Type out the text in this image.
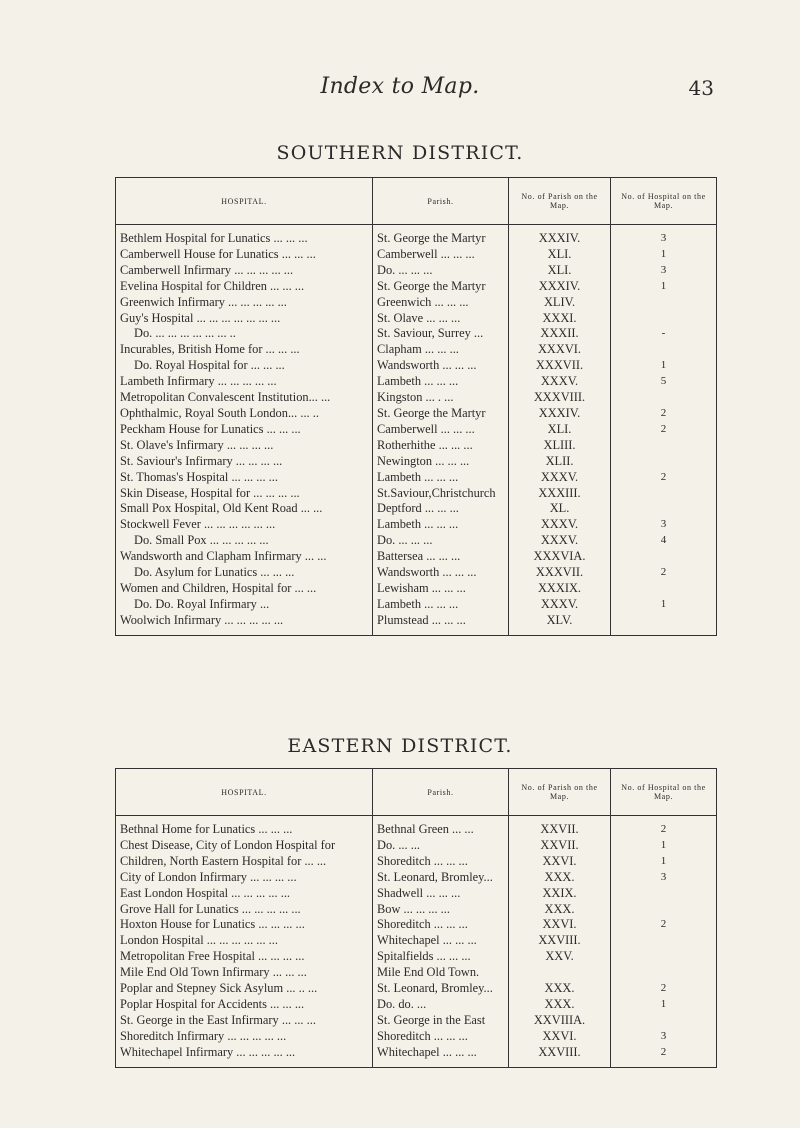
Index to Map.	43
SOUTHERN DISTRICT.
HOSPITAL.	Parish.	No. of Parish on the Map.	No. of Hospital on the Map.
Bethlem Hospital for Lunatics ... ... ...	St. George the Martyr	XXXIV.	3
Camberwell House for Lunatics ... ... ...	Camberwell ... ... ...	XLI.	1
Camberwell Infirmary ... ... ... ... ...	Do. ... ... ...	XLI.	3
Evelina Hospital for Children ... ... ...	St. George the Martyr	XXXIV.	1
Greenwich Infirmary ... ... ... ... ...	Greenwich ... ... ...	XLIV.	
Guy's Hospital ... ... ... ... ... ... ...	St. Olave ... ... ...	XXXI.	
Do. ... ... ... ... ... ... ..	St. Saviour, Surrey ...	XXXII.	-
Incurables, British Home for ... ... ...	Clapham ... ... ...	XXXVI.	
Do. Royal Hospital for ... ... ...	Wandsworth ... ... ...	XXXVII.	1
Lambeth Infirmary ... ... ... ... ...	Lambeth ... ... ...	XXXV.	5
Metropolitan Convalescent Institution... ...	Kingston ... . ...	XXXVIII.	
Ophthalmic, Royal South London... ... ..	St. George the Martyr	XXXIV.	2
Peckham House for Lunatics ... ... ...	Camberwell ... ... ...	XLI.	2
St. Olave's Infirmary ... ... ... ...	Rotherhithe ... ... ...	XLIII.	
St. Saviour's Infirmary ... ... ... ...	Newington ... ... ...	XLII.	
St. Thomas's Hospital ... ... ... ...	Lambeth ... ... ...	XXXV.	2
Skin Disease, Hospital for ... ... ... ...	St.Saviour,Christchurch	XXXIII.	
Small Pox Hospital, Old Kent Road ... ...	Deptford ... ... ...	XL.	
Stockwell Fever ... ... ... ... ... ...	Lambeth ... ... ...	XXXV.	3
Do. Small Pox ... ... ... ... ...	Do. ... ... ...	XXXV.	4
Wandsworth and Clapham Infirmary ... ...	Battersea ... ... ...	XXXVIA.	
Do. Asylum for Lunatics ... ... ...	Wandsworth ... ... ...	XXXVII.	2
Women and Children, Hospital for ... ...	Lewisham ... ... ...	XXXIX.	
Do. Do. Royal Infirmary ...	Lambeth ... ... ...	XXXV.	1
Woolwich Infirmary ... ... ... ... ...	Plumstead ... ... ...	XLV.	
EASTERN DISTRICT.
HOSPITAL.	Parish.	No. of Parish on the Map.	No. of Hospital on the Map.
Bethnal Home for Lunatics ... ... ...	Bethnal Green ... ...	XXVII.	2
Chest Disease, City of London Hospital for	Do. ... ...	XXVII.	1
Children, North Eastern Hospital for ... ...	Shoreditch ... ... ...	XXVI.	1
City of London Infirmary ... ... ... ...	St. Leonard, Bromley...	XXX.	3
East London Hospital ... ... ... ... ...	Shadwell ... ... ...	XXIX.	
Grove Hall for Lunatics ... ... ... ... ...	Bow ... ... ... ...	XXX.	
Hoxton House for Lunatics ... ... ... ...	Shoreditch ... ... ...	XXVI.	2
London Hospital ... ... ... ... ... ...	Whitechapel ... ... ...	XXVIII.	
Metropolitan Free Hospital ... ... ... ...	Spitalfields ... ... ...	XXV.	
Mile End Old Town Infirmary ... ... ...	Mile End Old Town.		
Poplar and Stepney Sick Asylum ... .. ...	St. Leonard, Bromley...	XXX.	2
Poplar Hospital for Accidents ... ... ...	Do. do. ...	XXX.	1
St. George in the East Infirmary ... ... ...	St. George in the East	XXVIIIA.	
Shoreditch Infirmary ... ... ... ... ...	Shoreditch ... ... ...	XXVI.	3
Whitechapel Infirmary ... ... ... ... ...	Whitechapel ... ... ...	XXVIII.	2
